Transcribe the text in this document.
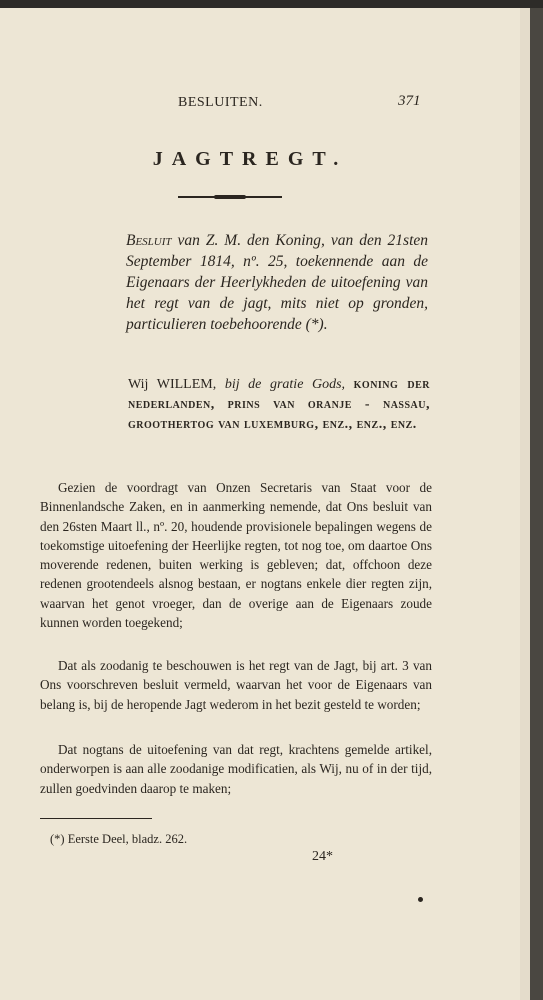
BESLUITEN.	371
JAGTREGT.
Besluit van Z. M. den Koning, van den 21sten September 1814, nº. 25, toekennende aan de Eigenaars der Heerlykheden de uitoefening van het regt van de jagt, mits niet op gronden, particulieren toebehoorende (*).
Wij WILLEM, bij de gratie Gods, koning der nederlanden, prins van oranje - nassau, groothertog van luxemburg, enz., enz., enz.

Gezien de voordragt van Onzen Secretaris van Staat voor de Binnenlandsche Zaken, en in aanmerking nemende, dat Ons besluit van den 26sten Maart ll., nº. 20, houdende provisionele bepalingen wegens de toekomstige uitoefening der Heerlijke regten, tot nog toe, om daartoe Ons moverende redenen, buiten werking is gebleven; dat, offchoon deze redenen grootendeels alsnog bestaan, er nogtans enkele dier regten zijn, waarvan het genot vroeger, dan de overige aan de Eigenaars zoude kunnen worden toegekend;

Dat als zoodanig te beschouwen is het regt van de Jagt, bij art. 3 van Ons voorschreven besluit vermeld, waarvan het voor de Eigenaars van belang is, bij de heropende Jagt wederom in het bezit gesteld te worden;

Dat nogtans de uitoefening van dat regt, krachtens gemelde artikel, onderworpen is aan alle zoodanige modificatien, als Wij, nu of in der tijd, zullen goedvinden daarop te maken;

(*) Eerste Deel, bladz. 262.
24*
